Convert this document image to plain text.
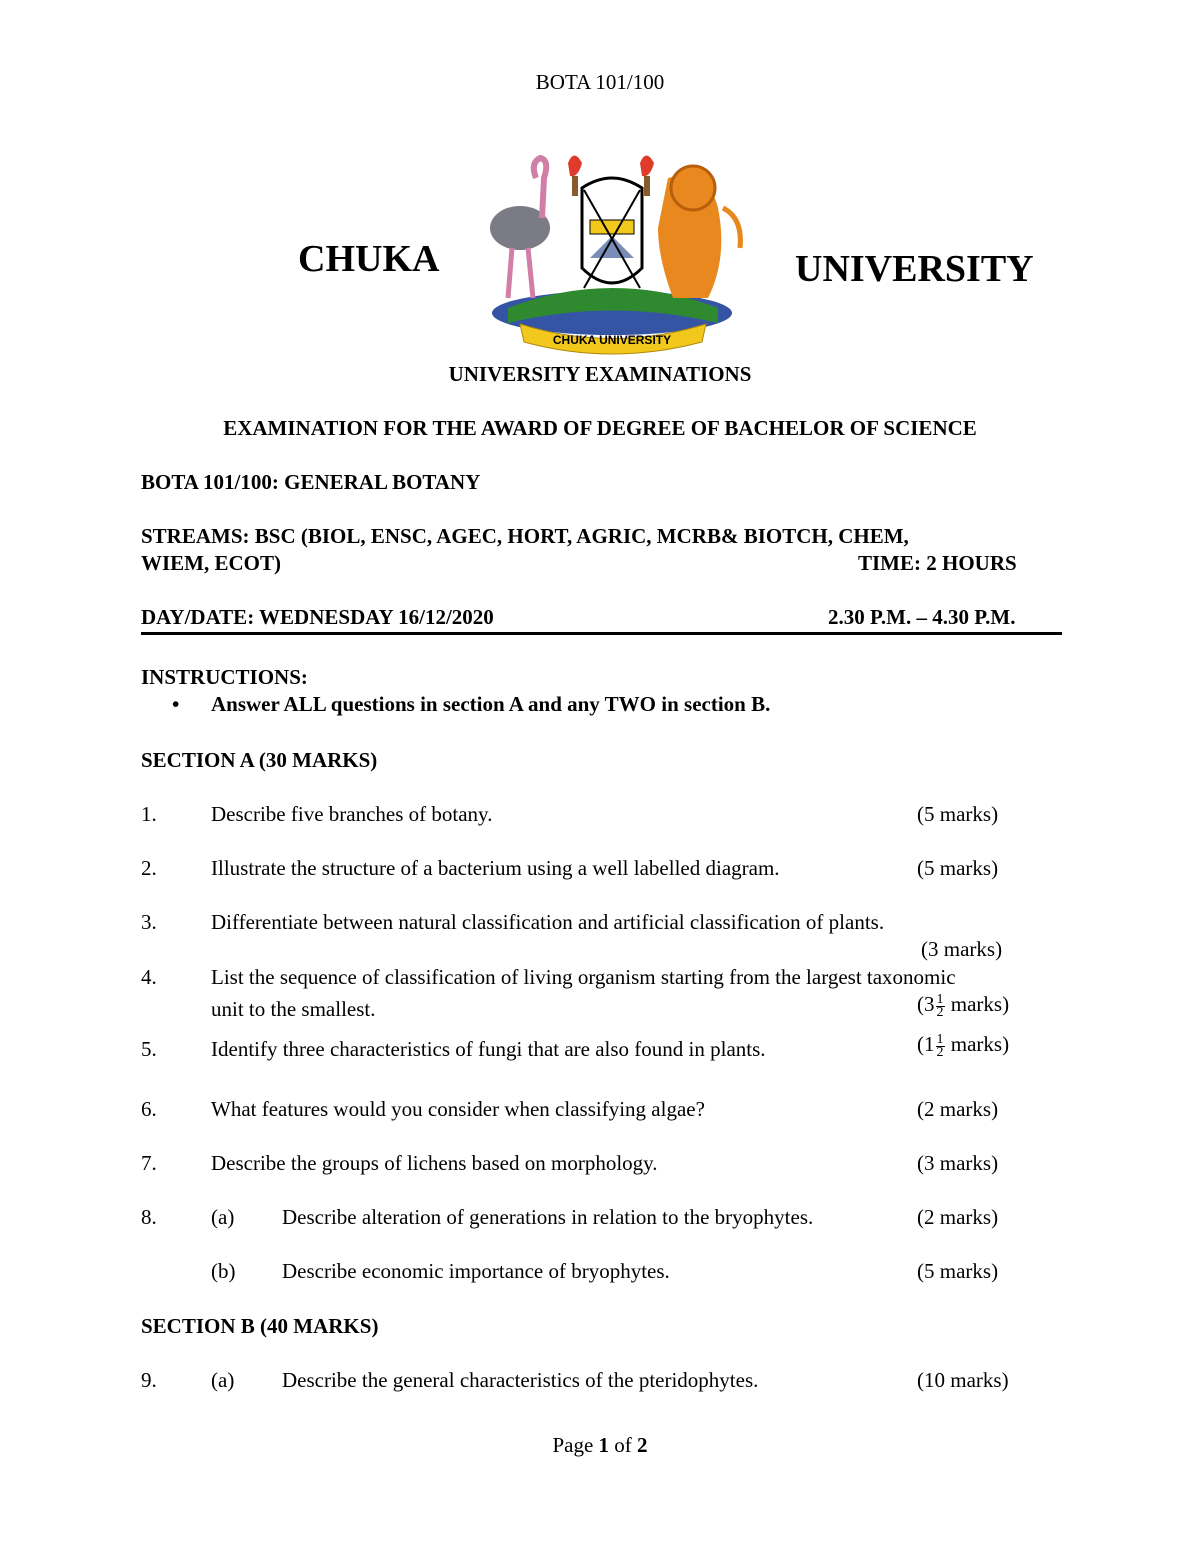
BOTA 101/100
CHUKA	UNIVERSITY
CHUKA UNIVERSITY
UNIVERSITY EXAMINATIONS
EXAMINATION FOR THE AWARD OF DEGREE OF BACHELOR OF SCIENCE
BOTA 101/100: GENERAL BOTANY
STREAMS: BSC (BIOL, ENSC, AGEC, HORT, AGRIC, MCRB& BIOTCH, CHEM,
WIEM, ECOT)	TIME: 2 HOURS
DAY/DATE: WEDNESDAY 16/12/2020	2.30 P.M. – 4.30 P.M.
INSTRUCTIONS:
• Answer ALL questions in section A and any TWO in section B.
SECTION A (30 MARKS)
1.	Describe five branches of botany.	(5 marks)
2.	Illustrate the structure of a bacterium using a well labelled diagram.	(5 marks)
3.	Differentiate between natural classification and artificial classification of plants.
(3 marks)
4.	List the sequence of classification of living organism starting from the largest taxonomic
unit to the smallest.	($3 \frac{1}{2}$ marks)
5.	Identify three characteristics of fungi that are also found in plants.	($1 \frac{1}{2}$ marks)
6.	What features would you consider when classifying algae?	(2 marks)
7.	Describe the groups of lichens based on morphology.	(3 marks)
8.	(a) Describe alteration of generations in relation to the bryophytes.	(2 marks)
(b) Describe economic importance of bryophytes.	(5 marks)
SECTION B (40 MARKS)
9.	(a) Describe the general characteristics of the pteridophytes.	(10 marks)
Page 1 of 2
